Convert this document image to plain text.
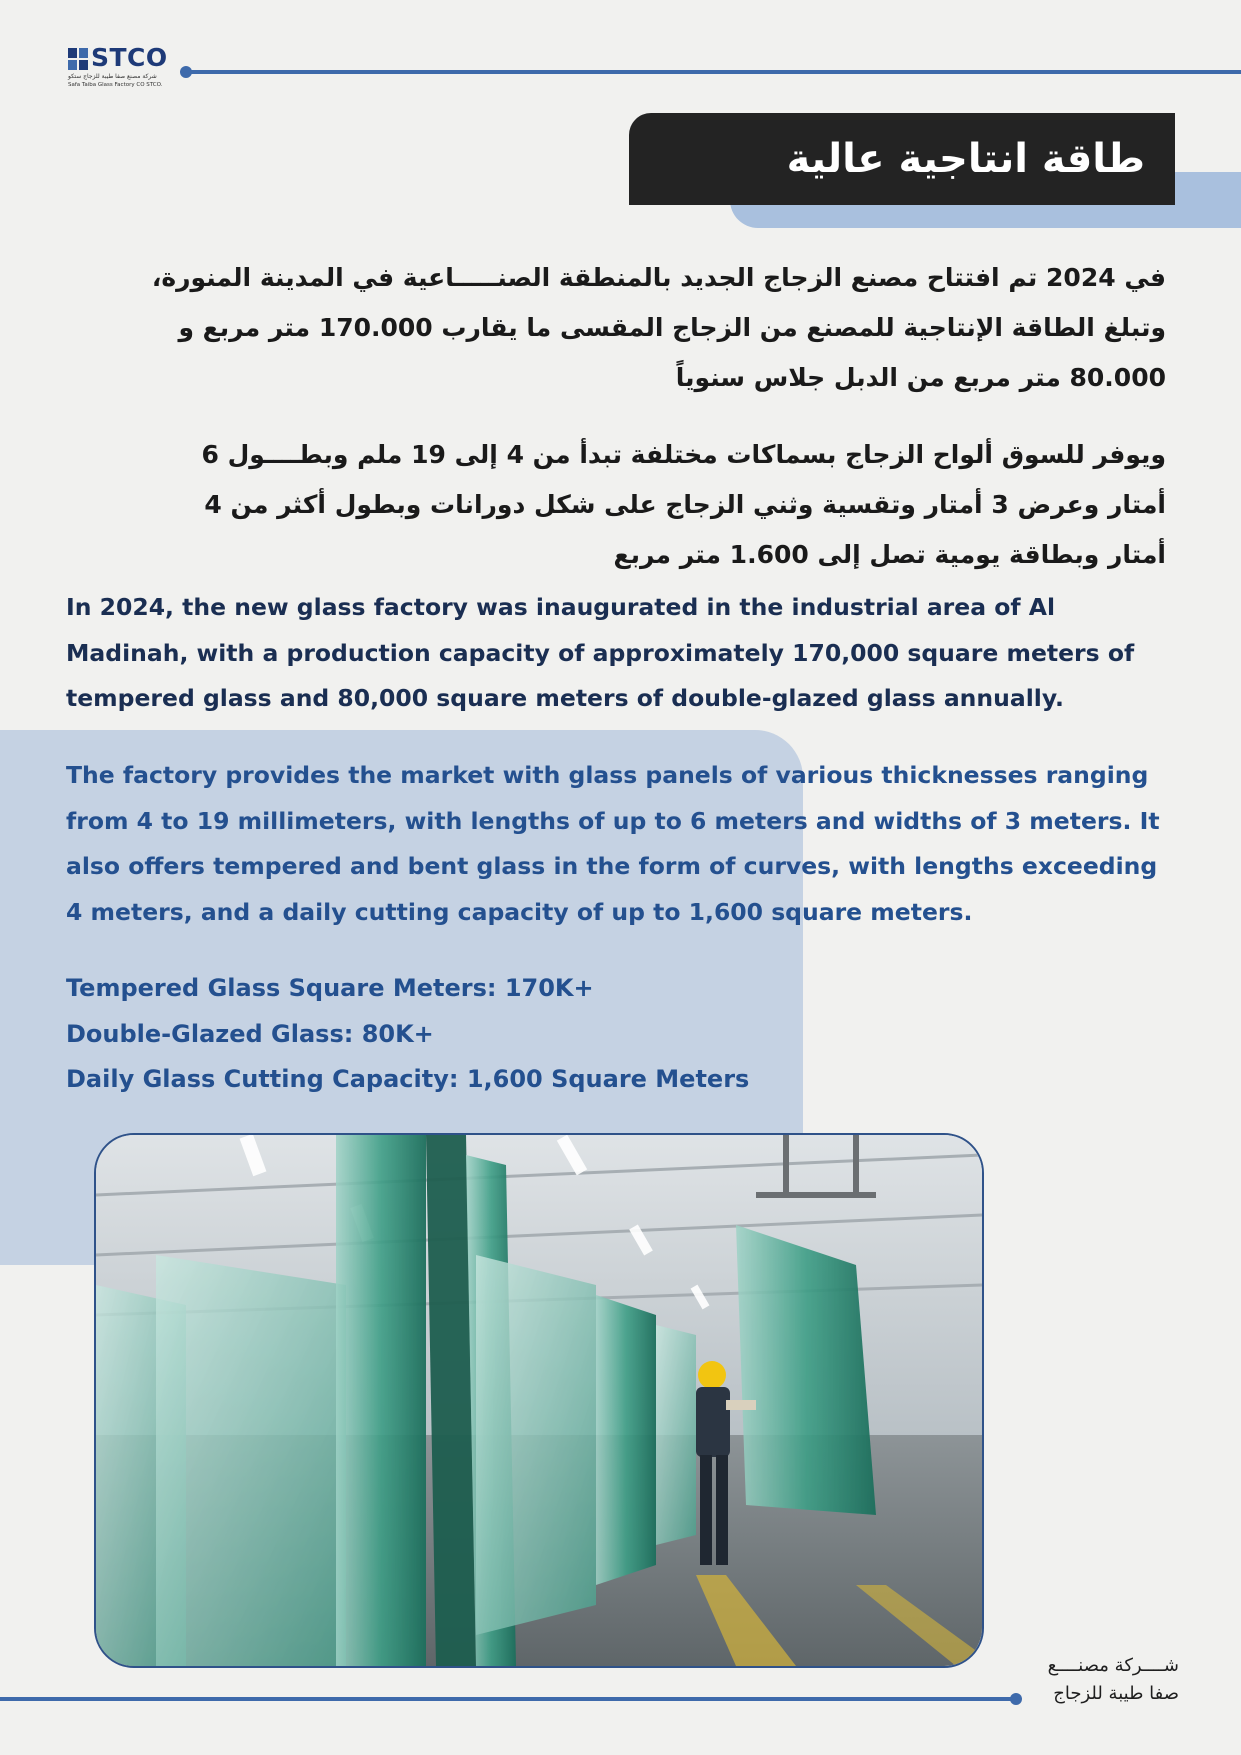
STCO
شركة مصنع صفا طيبة للزجاج ستكو
Safa Taiba Glass Factory CO STCO.
طاقة انتاجية عالية

في 2024 تم افتتاح مصنع الزجاج الجديد بالمنطقة الصنـــــاعية في المدينة المنورة، وتبلغ الطاقة الإنتاجية للمصنع من الزجاج المقسى ما يقارب 170.000 متر مربع و 80.000 متر مربع من الدبل جلاس سنوياً

ويوفر للسوق ألواح الزجاج بسماكات مختلفة تبدأ من 4 إلى 19 ملم وبطــــول 6 أمتار وعرض 3 أمتار وتقسية وثني الزجاج على شكل دورانات وبطول أكثر من 4 أمتار وبطاقة يومية تصل إلى 1.600 متر مربع

In 2024, the new glass factory was inaugurated in the industrial area of Al Madinah, with a production capacity of approximately 170,000 square meters of tempered glass and 80,000 square meters of double-glazed glass annually.

The factory provides the market with glass panels of various thicknesses ranging from 4 to 19 millimeters, with lengths of up to 6 meters and widths of 3 meters. It also offers tempered and bent glass in the form of curves, with lengths exceeding 4 meters, and a daily cutting capacity of up to 1,600 square meters.

Tempered Glass Square Meters: 170K+
Double-Glazed Glass: 80K+
Daily Glass Cutting Capacity: 1,600 Square Meters
شــــركة مصنــــع
صفا طيبة للزجاج
